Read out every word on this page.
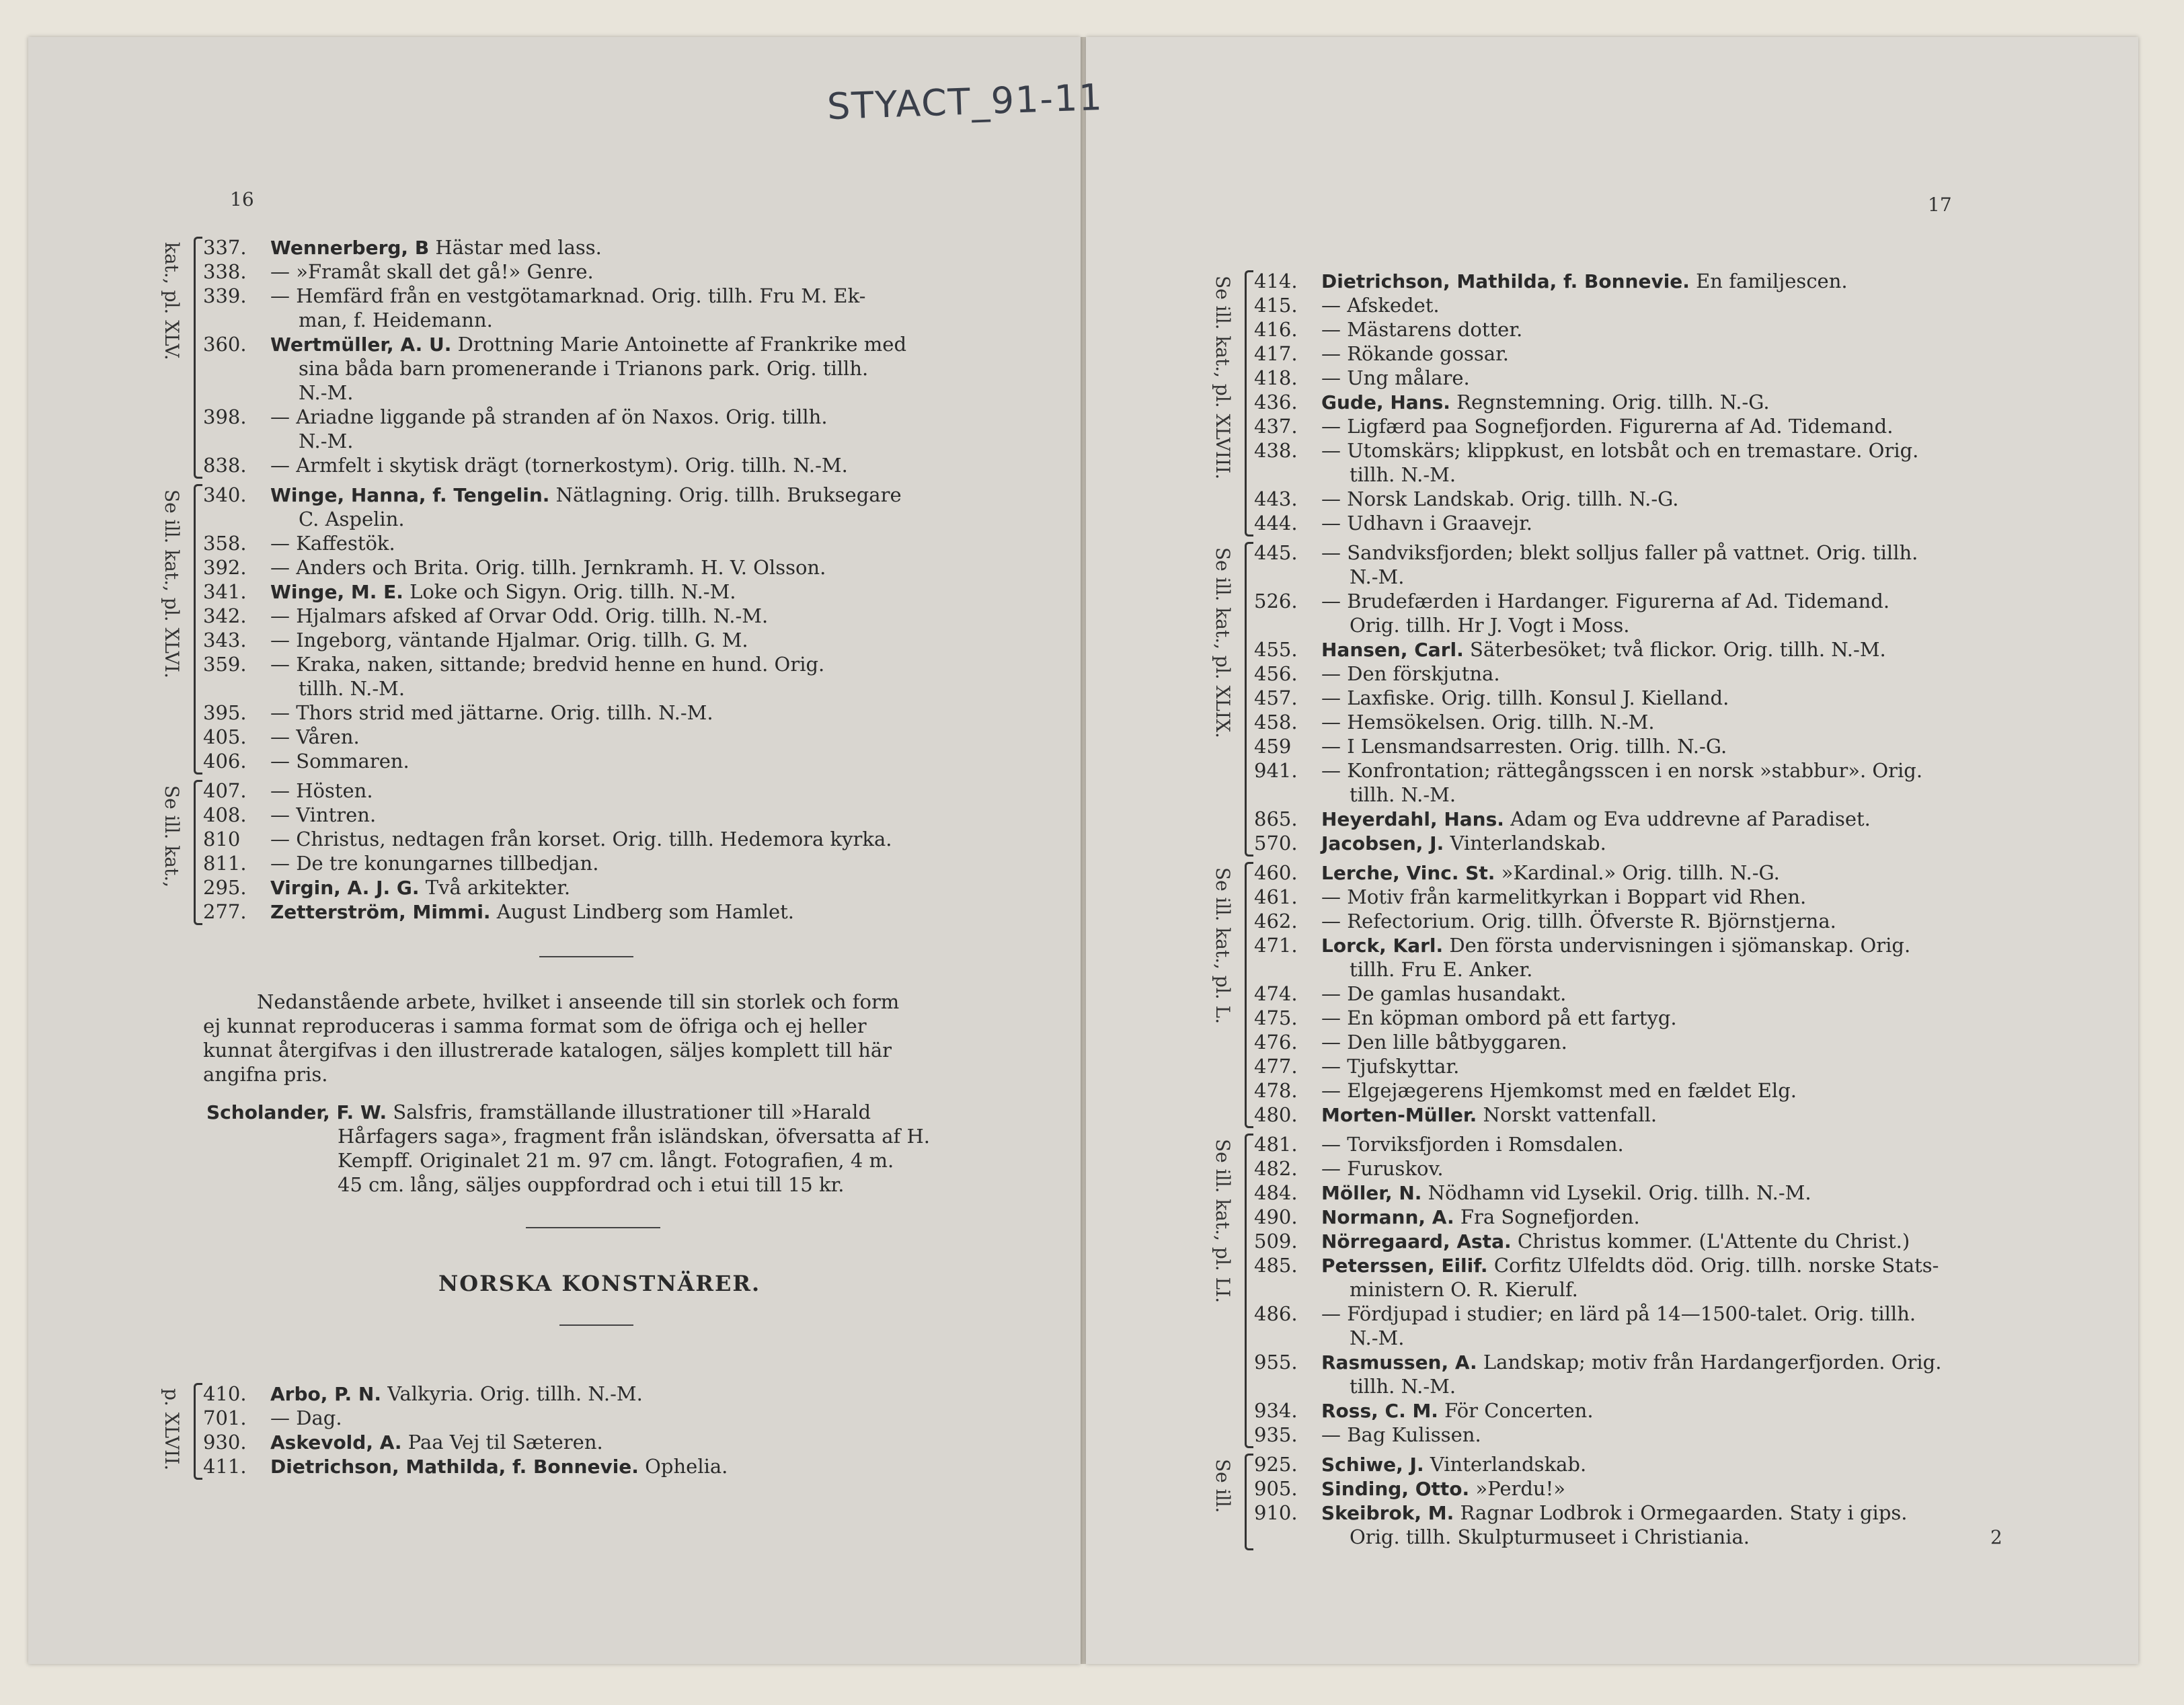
16
337.	Wennerberg, B Hästar med lass.
338.	— »Framåt skall det gå!» Genre.
339.	— Hemfärd från en vestgötamarknad. Orig. tillh. Fru M. Ek-
man, f. Heidemann.
360.	Wertmüller, A. U. Drottning Marie Antoinette af Frankrike med
sina båda barn promenerande i Trianons park. Orig. tillh.
N.-M.
398.	— Ariadne liggande på stranden af ön Naxos. Orig. tillh.
N.-M.
838.	— Armfelt i skytisk drägt (tornerkostym). Orig. tillh. N.-M.
kat., pl. XLV.
340.	Winge, Hanna, f. Tengelin. Nätlagning. Orig. tillh. Bruksegare
C. Aspelin.
358.	— Kaffestök.
392.	— Anders och Brita. Orig. tillh. Jernkramh. H. V. Olsson.
341.	Winge, M. E. Loke och Sigyn. Orig. tillh. N.-M.
342.	— Hjalmars afsked af Orvar Odd. Orig. tillh. N.-M.
343.	— Ingeborg, väntande Hjalmar. Orig. tillh. G. M.
359.	— Kraka, naken, sittande; bredvid henne en hund. Orig.
tillh. N.-M.
395.	— Thors strid med jättarne. Orig. tillh. N.-M.
405.	— Våren.
406.	— Sommaren.
Se ill. kat., pl. XLVI.
407.	— Hösten.
408.	— Vintren.
810	— Christus, nedtagen från korset. Orig. tillh. Hedemora kyrka.
811.	— De tre konungarnes tillbedjan.
295.	Virgin, A. J. G. Två arkitekter.
277.	Zetterström, Mimmi. August Lindberg som Hamlet.
Se ill. kat.,
Nedanstående arbete, hvilket i anseende till sin storlek och form
ej kunnat reproduceras i samma format som de öfriga och ej heller
kunnat återgifvas i den illustrerade katalogen, säljes komplett till här
angifna pris.
Scholander, F. W. Salsfris, framställande illustrationer till »Harald
Hårfagers saga», fragment från isländskan, öfversatta af H.
Kempff. Originalet 21 m. 97 cm. långt. Fotografien, 4 m.
45 cm. lång, säljes ouppfordrad och i etui till 15 kr.
NORSKA KONSTNÄRER.
410.	Arbo, P. N. Valkyria. Orig. tillh. N.-M.
701.	— Dag.
930.	Askevold, A. Paa Vej til Sæteren.
411.	Dietrichson, Mathilda, f. Bonnevie. Ophelia.
p. XLVII.
17
2
414.	Dietrichson, Mathilda, f. Bonnevie. En familjescen.
415.	— Afskedet.
416.	— Mästarens dotter.
417.	— Rökande gossar.
418.	— Ung målare.
436.	Gude, Hans. Regnstemning. Orig. tillh. N.-G.
437.	— Ligfærd paa Sognefjorden. Figurerna af Ad. Tidemand.
438.	— Utomskärs; klippkust, en lotsbåt och en tremastare. Orig.
tillh. N.-M.
443.	— Norsk Landskab. Orig. tillh. N.-G.
444.	— Udhavn i Graavejr.
Se ill. kat., pl. XLVIII.
445.	— Sandviksfjorden; blekt solljus faller på vattnet. Orig. tillh.
N.-M.
526.	— Brudefærden i Hardanger. Figurerna af Ad. Tidemand.
Orig. tillh. Hr J. Vogt i Moss.
455.	Hansen, Carl. Säterbesöket; två flickor. Orig. tillh. N.-M.
456.	— Den förskjutna.
457.	— Laxfiske. Orig. tillh. Konsul J. Kielland.
458.	— Hemsökelsen. Orig. tillh. N.-M.
459	— I Lensmandsarresten. Orig. tillh. N.-G.
941.	— Konfrontation; rättegångsscen i en norsk »stabbur». Orig.
tillh. N.-M.
865.	Heyerdahl, Hans. Adam og Eva uddrevne af Paradiset.
570.	Jacobsen, J. Vinterlandskab.
Se ill. kat., pl. XLIX.
460.	Lerche, Vinc. St. »Kardinal.» Orig. tillh. N.-G.
461.	— Motiv från karmelitkyrkan i Boppart vid Rhen.
462.	— Refectorium. Orig. tillh. Öfverste R. Björnstjerna.
471.	Lorck, Karl. Den första undervisningen i sjömanskap. Orig.
tillh. Fru E. Anker.
474.	— De gamlas husandakt.
475.	— En köpman ombord på ett fartyg.
476.	— Den lille båtbyggaren.
477.	— Tjufskyttar.
478.	— Elgejægerens Hjemkomst med en fældet Elg.
480.	Morten-Müller. Norskt vattenfall.
Se ill. kat., pl. L.
481.	— Torviksfjorden i Romsdalen.
482.	— Furuskov.
484.	Möller, N. Nödhamn vid Lysekil. Orig. tillh. N.-M.
490.	Normann, A. Fra Sognefjorden.
509.	Nörregaard, Asta. Christus kommer. (L'Attente du Christ.)
485.	Peterssen, Eilif. Corfitz Ulfeldts död. Orig. tillh. norske Stats-
ministern O. R. Kierulf.
486.	— Fördjupad i studier; en lärd på 14—1500-talet. Orig. tillh.
N.-M.
955.	Rasmussen, A. Landskap; motiv från Hardangerfjorden. Orig.
tillh. N.-M.
934.	Ross, C. M. För Concerten.
935.	— Bag Kulissen.
Se ill. kat., pl. LI.
925.	Schiwe, J. Vinterlandskab.
905.	Sinding, Otto. »Perdu!»
910.	Skeibrok, M. Ragnar Lodbrok i Ormegaarden. Staty i gips.
Orig. tillh. Skulpturmuseet i Christiania.
Se ill.
STYACT_91-11
